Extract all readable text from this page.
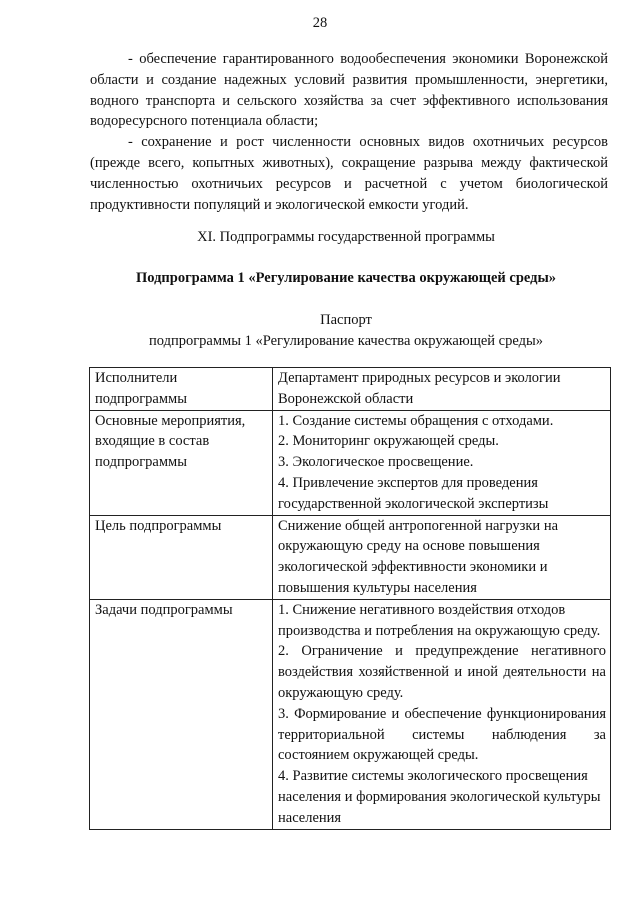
28

- обеспечение гарантированного водообеспечения экономики Воронежской области и создание надежных условий развития промышленности, энергетики, водного транспорта и сельского хозяйства за счет эффективного использования водоресурсного потенциала области;

- сохранение и рост численности основных видов охотничьих ресурсов (прежде всего, копытных животных), сокращение разрыва между фактической численностью охотничьих ресурсов и расчетной с учетом биологической продуктивности популяций и экологической емкости угодий.

XI. Подпрограммы государственной программы
Подпрограмма 1 «Регулирование качества окружающей среды»
Паспорт
подпрограммы 1 «Регулирование качества окружающей среды»
Исполнители подпрограммы	Департамент природных ресурсов и экологии Воронежской области

Основные мероприятия, входящие в состав подпрограммы	1. Создание системы обращения с отходами.
2. Мониторинг окружающей среды.
3. Экологическое просвещение.
4. Привлечение экспертов для проведения государственной экологической экспертизы

Цель подпрограммы	Снижение общей антропогенной нагрузки на окружающую среду на основе повышения экологической эффективности экономики и повышения культуры населения

Задачи подпрограммы	1. Снижение негативного воздействия отходов производства и потребления на окружающую среду.
2. Ограничение и предупреждение негативного воздействия хозяйственной и иной деятельности на окружающую среду.
3. Формирование и обеспечение функционирования территориальной системы наблюдения за состоянием окружающей среды.
4. Развитие системы экологического просвещения населения и формирования экологической культуры населения
